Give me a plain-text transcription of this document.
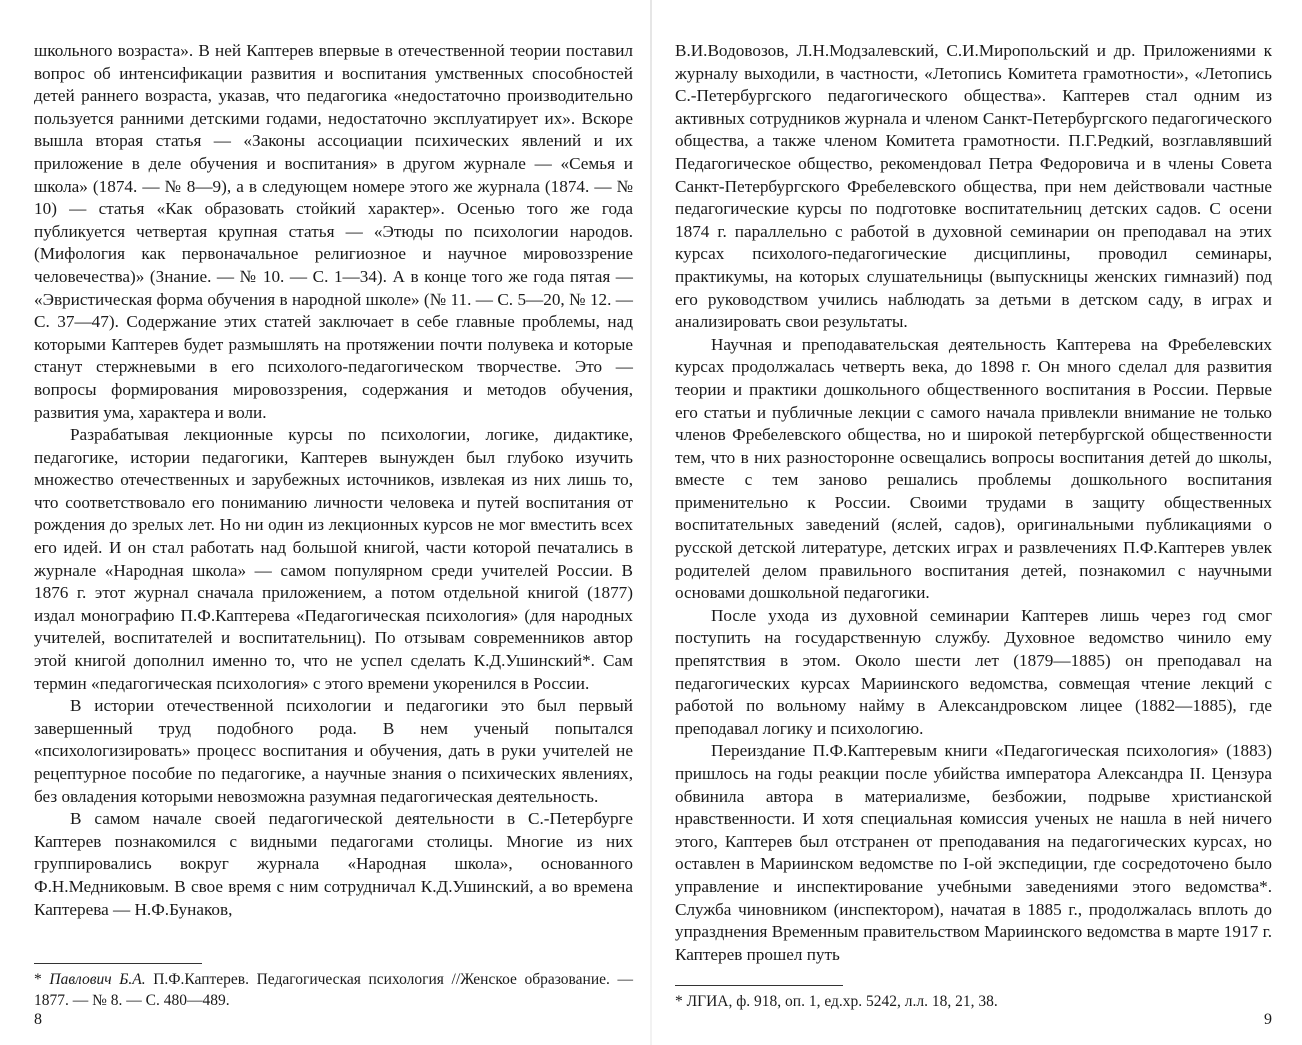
школьного возраста». В ней Каптерев впервые в отечественной теории поставил вопрос об интенсификации развития и воспитания умственных способностей детей раннего возраста, указав, что педагогика «недостаточно производительно пользуется ранними детскими годами, недостаточно эксплуатирует их». Вскоре вышла вторая статья — «Законы ассоциации психических явлений и их приложение в деле обучения и воспитания» в другом журнале — «Семья и школа» (1874. — № 8—9), а в следующем номере этого же журнала (1874. — № 10) — статья «Как образовать стойкий характер». Осенью того же года публикуется четвертая крупная статья — «Этюды по психологии народов. (Мифология как первоначальное религиозное и научное мировоззрение человечества)» (Знание. — № 10. — С. 1—34). А в конце того же года пятая — «Эвристическая форма обучения в народной школе» (№ 11. — С. 5—20, № 12. — С. 37—47). Содержание этих статей заключает в себе главные проблемы, над которыми Каптерев будет размышлять на протяжении почти полувека и которые станут стержневыми в его психолого-педагогическом творчестве. Это — вопросы формирования мировоззрения, содержания и методов обучения, развития ума, характера и воли.

Разрабатывая лекционные курсы по психологии, логике, дидактике, педагогике, истории педагогики, Каптерев вынужден был глубоко изучить множество отечественных и зарубежных источников, извлекая из них лишь то, что соответствовало его пониманию личности человека и путей воспитания от рождения до зрелых лет. Но ни один из лекционных курсов не мог вместить всех его идей. И он стал работать над большой книгой, части которой печатались в журнале «Народная школа» — самом популярном среди учителей России. В 1876 г. этот журнал сначала приложением, а потом отдельной книгой (1877) издал монографию П.Ф.Каптерева «Педагогическая психология» (для народных учителей, воспитателей и воспитательниц). По отзывам современников автор этой книгой дополнил именно то, что не успел сделать К.Д.Ушинский*. Сам термин «педагогическая психология» с этого времени укоренился в России.

В истории отечественной психологии и педагогики это был первый завершенный труд подобного рода. В нем ученый попытался «психологизировать» процесс воспитания и обучения, дать в руки учителей не рецептурное пособие по педагогике, а научные знания о психических явлениях, без овладения которыми невозможна разумная педагогическая деятельность.

В самом начале своей педагогической деятельности в С.-Петербурге Каптерев познакомился с видными педагогами столицы. Многие из них группировались вокруг журнала «Народная школа», основанного Ф.Н.Медниковым. В свое время с ним сотрудничал К.Д.Ушинский, а во времена Каптерева — Н.Ф.Бунаков,

* Павлович Б.А. П.Ф.Каптерев. Педагогическая психология //Женское образование. — 1877. — № 8. — С. 480—489.
8

В.И.Водовозов, Л.Н.Модзалевский, С.И.Миропольский и др. Приложениями к журналу выходили, в частности, «Летопись Комитета грамотности», «Летопись С.-Петербургского педагогического общества». Каптерев стал одним из активных сотрудников журнала и членом Санкт-Петербургского педагогического общества, а также членом Комитета грамотности. П.Г.Редкий, возглавлявший Педагогическое общество, рекомендовал Петра Федоровича и в члены Совета Санкт-Петербургского Фребелевского общества, при нем действовали частные педагогические курсы по подготовке воспитательниц детских садов. С осени 1874 г. параллельно с работой в духовной семинарии он преподавал на этих курсах психолого-педагогические дисциплины, проводил семинары, практикумы, на которых слушательницы (выпускницы женских гимназий) под его руководством учились наблюдать за детьми в детском саду, в играх и анализировать свои результаты.

Научная и преподавательская деятельность Каптерева на Фребелевских курсах продолжалась четверть века, до 1898 г. Он много сделал для развития теории и практики дошкольного общественного воспитания в России. Первые его статьи и публичные лекции с самого начала привлекли внимание не только членов Фребелевского общества, но и широкой петербургской общественности тем, что в них разносторонне освещались вопросы воспитания детей до школы, вместе с тем заново решались проблемы дошкольного воспитания применительно к России. Своими трудами в защиту общественных воспитательных заведений (яслей, садов), оригинальными публикациями о русской детской литературе, детских играх и развлечениях П.Ф.Каптерев увлек родителей делом правильного воспитания детей, познакомил с научными основами дошкольной педагогики.

После ухода из духовной семинарии Каптерев лишь через год смог поступить на государственную службу. Духовное ведомство чинило ему препятствия в этом. Около шести лет (1879—1885) он преподавал на педагогических курсах Мариинского ведомства, совмещая чтение лекций с работой по вольному найму в Александровском лицее (1882—1885), где преподавал логику и психологию.

Переиздание П.Ф.Каптеревым книги «Педагогическая психология» (1883) пришлось на годы реакции после убийства императора Александра II. Цензура обвинила автора в материализме, безбожии, подрыве христианской нравственности. И хотя специальная комиссия ученых не нашла в ней ничего этого, Каптерев был отстранен от преподавания на педагогических курсах, но оставлен в Мариинском ведомстве по I-ой экспедиции, где сосредоточено было управление и инспектирование учебными заведениями этого ведомства*. Служба чиновником (инспектором), начатая в 1885 г., продолжалась вплоть до упразднения Временным правительством Мариинского ведомства в марте 1917 г. Каптерев прошел путь

* ЛГИА, ф. 918, оп. 1, ед.хр. 5242, л.л. 18, 21, 38.
9
